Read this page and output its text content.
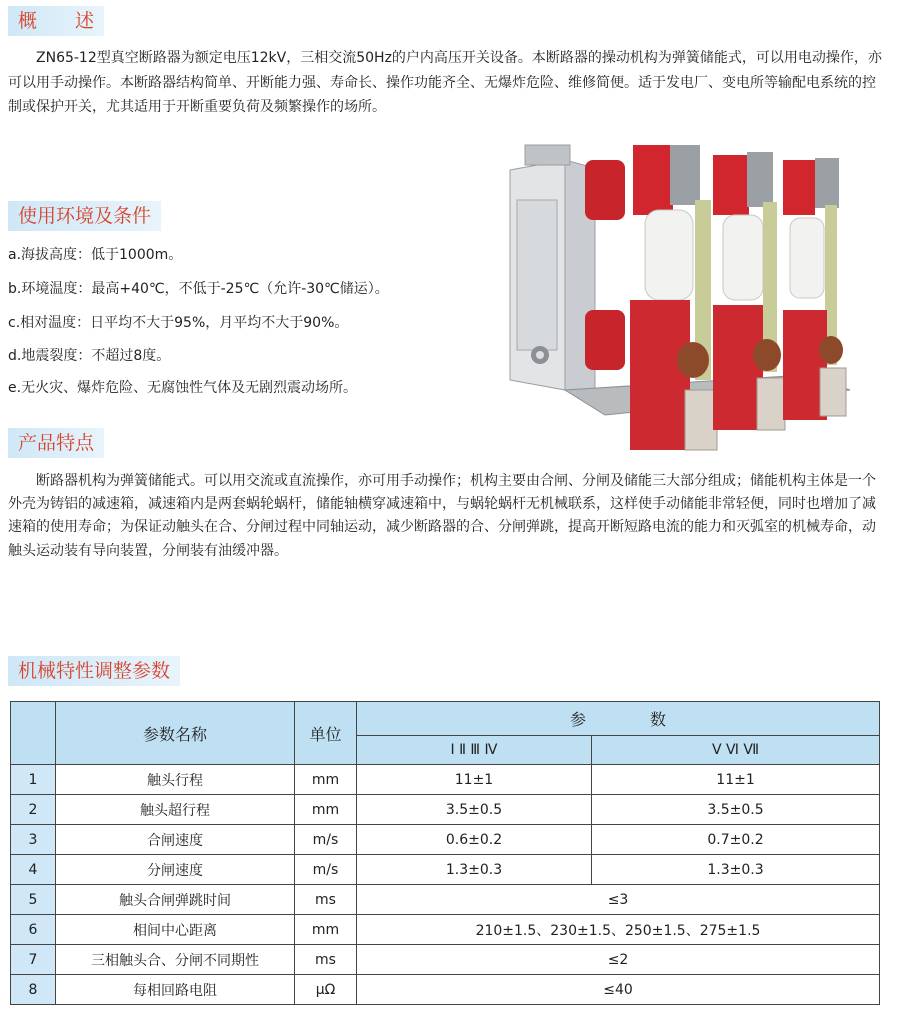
概　　述

ZN65-12型真空断路器为额定电压12kV，三相交流50Hz的户内高压开关设备。本断路器的操动机构为弹簧储能式，可以用电动操作，亦可以用手动操作。本断路器结构简单、开断能力强、寿命长、操作功能齐全、无爆炸危险、维修简便。适于发电厂、变电所等输配电系统的控制或保护开关，尤其适用于开断重要负荷及频繁操作的场所。

使用环境及条件
a.海拔高度：低于1000m。
b.环境温度：最高+40℃，不低于-25℃（允许-30℃储运）。
c.相对温度：日平均不大于95%，月平均不大于90%。
d.地震裂度：不超过8度。
e.无火灾、爆炸危险、无腐蚀性气体及无剧烈震动场所。
产品特点

断路器机构为弹簧储能式。可以用交流或直流操作，亦可用手动操作；机构主要由合闸、分闸及储能三大部分组成；储能机构主体是一个外壳为铸铝的减速箱，减速箱内是两套蜗轮蜗杆，储能轴横穿减速箱中，与蜗轮蜗杆无机械联系，这样使手动储能非常轻便，同时也增加了减速箱的使用寿命；为保证动触头在合、分闸过程中同轴运动，减少断路器的合、分闸弹跳，提高开断短路电流的能力和灭弧室的机械寿命，动触头运动装有导向装置，分闸装有油缓冲器。

机械特性调整参数
	参数名称	单位	参　　　　数	
			Ⅰ Ⅱ Ⅲ Ⅳ	Ⅴ Ⅵ Ⅶ
1	触头行程	mm	11±1	11±1
2	触头超行程	mm	3.5±0.5	3.5±0.5
3	合闸速度	m/s	0.6±0.2	0.7±0.2
4	分闸速度	m/s	1.3±0.3	1.3±0.3
5	触头合闸弹跳时间	ms	≤3	
6	相间中心距离	mm	210±1.5、230±1.5、250±1.5、275±1.5	
7	三相触头合、分闸不同期性	ms	≤2	
8	每相回路电阻	μΩ	≤40	
